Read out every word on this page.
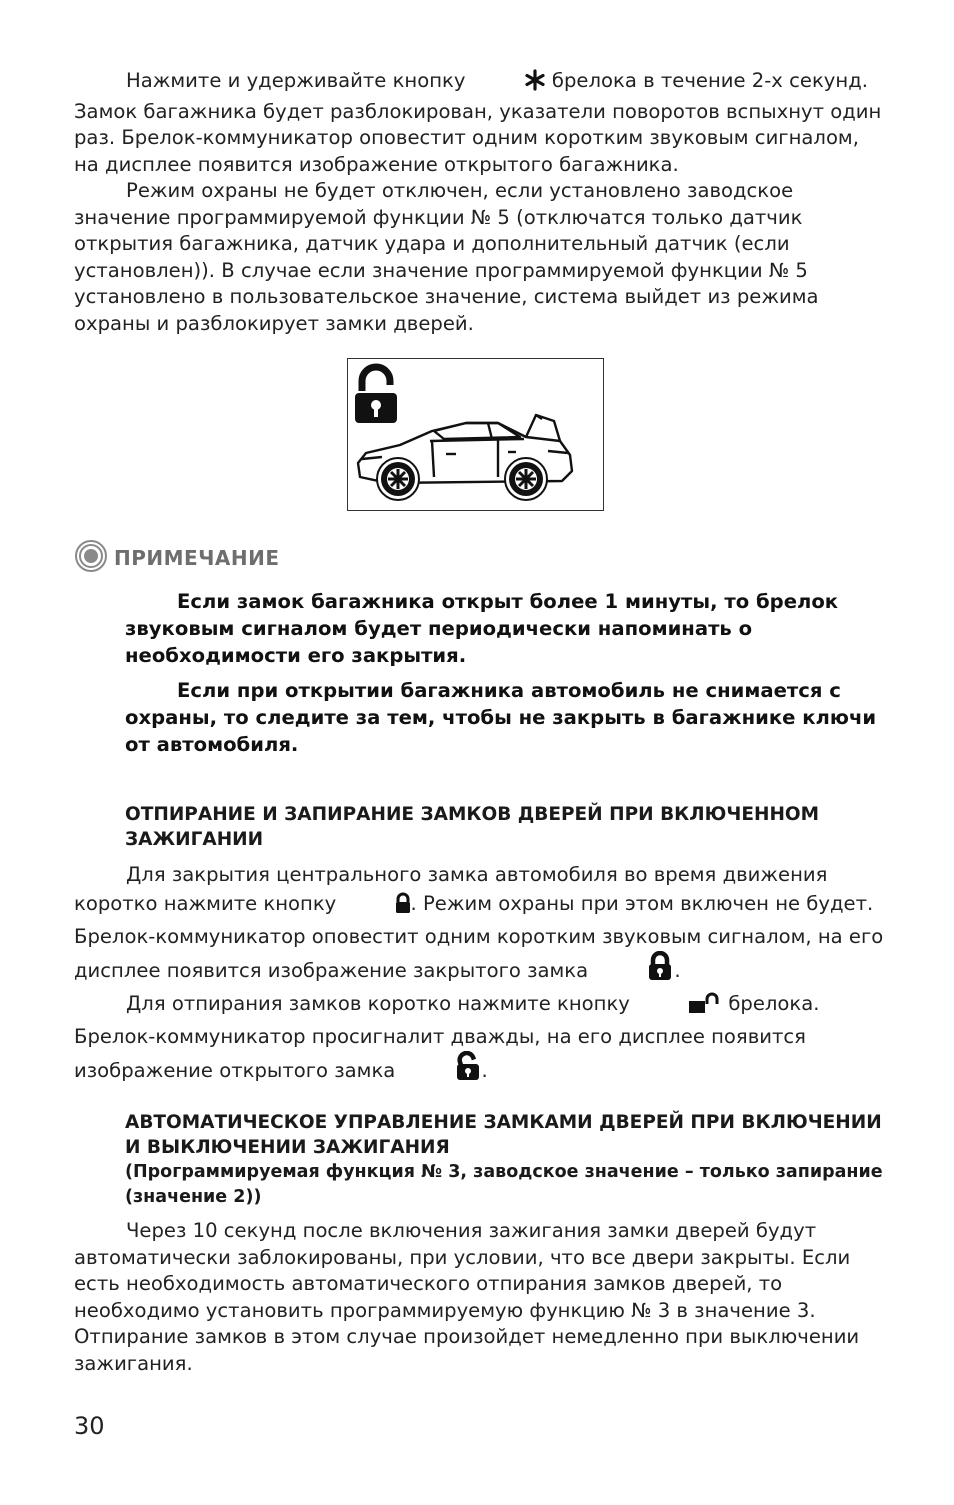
Нажмите и удерживайте кнопку	брелока в течение 2-х секунд. Замок багажника будет разблокирован, указатели поворотов вспыхнут один раз. Брелок-коммуникатор оповестит одним коротким звуковым сигналом, на дисплее появится изображение открытого багажника.

Режим охраны не будет отключен, если установлено заводское значение программируемой функции № 5 (отключатся только датчик открытия багажника, датчик удара и дополнительный датчик (если установлен)). В случае если значение программируемой функции № 5 установлено в пользовательское значение, система выйдет из режима охраны и разблокирует замки дверей.

ПРИМЕЧАНИЕ

Если замок багажника открыт более 1 минуты, то брелок звуковым сигналом будет периодически напоминать о необходимости его закрытия.

Если при открытии багажника автомобиль не снимается с охраны, то следите за тем, чтобы не закрыть в багажнике ключи от автомобиля.

ОТПИРАНИЕ И ЗАПИРАНИЕ ЗАМКОВ ДВЕРЕЙ ПРИ ВКЛЮЧЕННОМ ЗАЖИГАНИИ

Для закрытия центрального замка автомобиля во время движения коротко нажмите кнопку	. Режим охраны при этом включен не будет. Брелок-коммуникатор оповестит одним коротким звуковым сигналом, на его дисплее появится изображение закрытого замка	.

Для отпирания замков коротко нажмите кнопку	брелока. Брелок-коммуникатор просигналит дважды, на его дисплее появится изображение открытого замка	.

АВТОМАТИЧЕСКОЕ УПРАВЛЕНИЕ ЗАМКАМИ ДВЕРЕЙ ПРИ ВКЛЮЧЕНИИ И ВЫКЛЮЧЕНИИ ЗАЖИГАНИЯ
(Программируемая функция № 3, заводское значение – только запирание (значение 2))

Через 10 секунд после включения зажигания замки дверей будут автоматически заблокированы, при условии, что все двери закрыты. Если есть необходимость автоматического отпирания замков дверей, то необходимо установить программируемую функцию № 3 в значение 3. Отпирание замков в этом случае произойдет немедленно при выключении зажигания.

30
